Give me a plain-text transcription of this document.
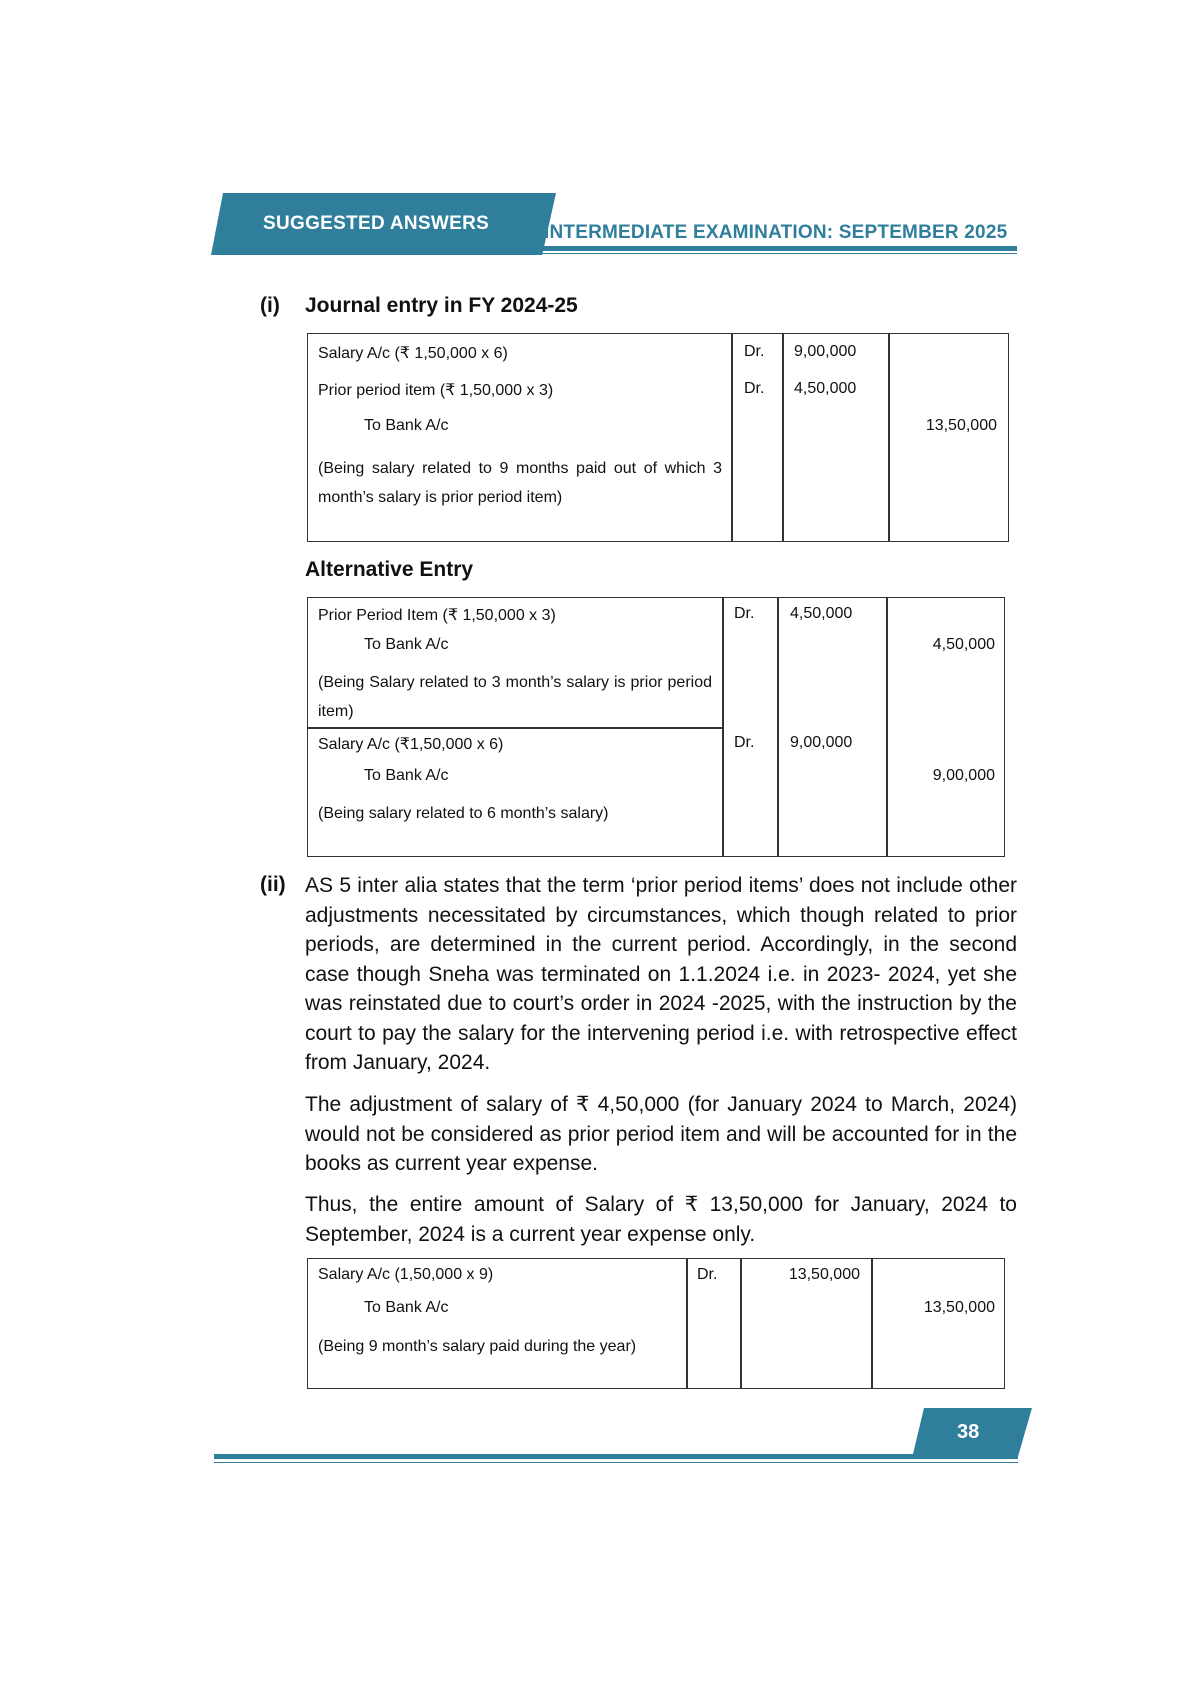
SUGGESTED ANSWERS	INTERMEDIATE EXAMINATION: SEPTEMBER 2025
(i) Journal entry in FY 2024-25
Salary A/c (₹ 1,50,000 x 6)	Dr. 9,00,000
Prior period item (₹ 1,50,000 x 3)	Dr. 4,50,000
To Bank A/c	13,50,000
(Being salary related to 9 months paid out of which 3 month’s salary is prior period item)
Alternative Entry
Prior Period Item (₹ 1,50,000 x 3)	Dr. 4,50,000
To Bank A/c	4,50,000
(Being Salary related to 3 month’s salary is prior period item)
Salary A/c (₹1,50,000 x 6)	Dr. 9,00,000
To Bank A/c	9,00,000
(Being salary related to 6 month’s salary)
(ii) AS 5 inter alia states that the term ‘prior period items’ does not include other adjustments necessitated by circumstances, which though related to prior periods, are determined in the current period. Accordingly, in the second case though Sneha was terminated on 1.1.2024 i.e. in 2023- 2024, yet she was reinstated due to court’s order in 2024 -2025, with the instruction by the court to pay the salary for the intervening period i.e. with retrospective effect from January, 2024.
The adjustment of salary of ₹ 4,50,000 (for January 2024 to March, 2024) would not be considered as prior period item and will be accounted for in the books as current year expense.
Thus, the entire amount of Salary of ₹ 13,50,000 for January, 2024 to September, 2024 is a current year expense only.
Salary A/c (1,50,000 x 9)	Dr.	13,50,000
To Bank A/c	13,50,000
(Being 9 month’s salary paid during the year)
38
